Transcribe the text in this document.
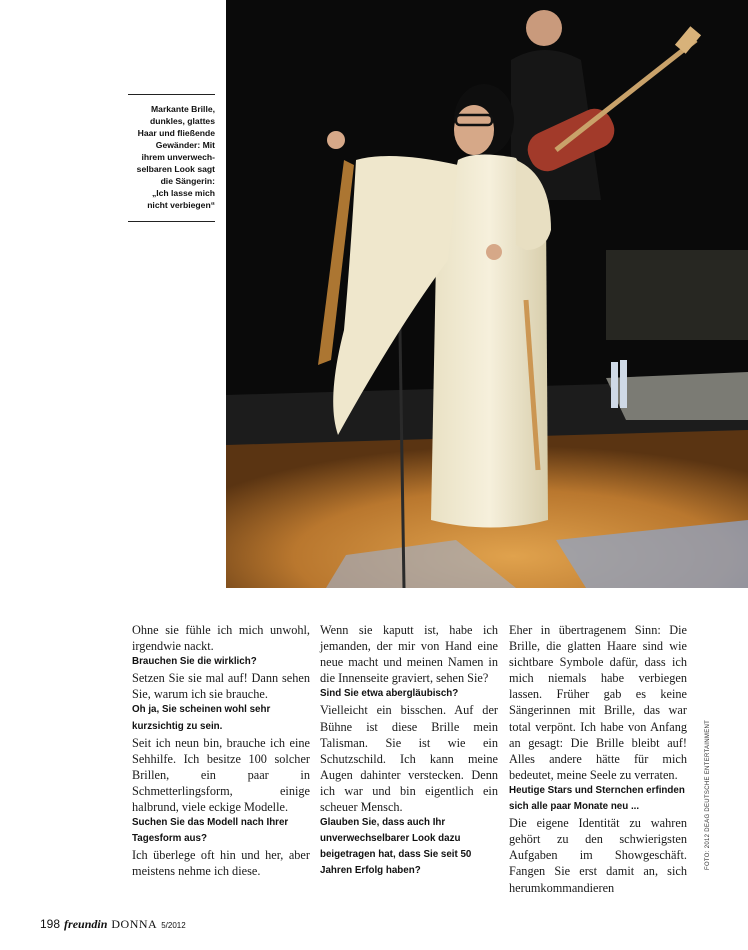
Markante Brille,
dunkles, glattes
Haar und fließende
Gewänder: Mit
ihrem unverwech-
selbaren Look sagt
die Sängerin:
„Ich lasse mich
nicht verbiegen“

Ohne sie fühle ich mich unwohl, irgendwie nackt.

Brauchen Sie die wirklich?

Setzen Sie sie mal auf! Dann sehen Sie, warum ich sie brauche.

Oh ja, Sie scheinen wohl sehr kurzsichtig zu sein.

Seit ich neun bin, brauche ich eine Sehhilfe. Ich besitze 100 solcher Brillen, ein paar in Schmetterlingsform, einige halbrund, viele eckige Modelle.

Suchen Sie das Modell nach Ihrer Tagesform aus?

Ich überlege oft hin und her, aber meistens nehme ich diese.

Wenn sie kaputt ist, habe ich jemanden, der mir von Hand eine neue macht und meinen Namen in die Innenseite graviert, sehen Sie?

Sind Sie etwa abergläubisch?

Vielleicht ein bisschen. Auf der Bühne ist diese Brille mein Talisman. Sie ist wie ein Schutzschild. Ich kann meine Augen dahinter verstecken. Denn ich war und bin eigentlich ein scheuer Mensch.

Glauben Sie, dass auch Ihr unverwechselbarer Look dazu beigetragen hat, dass Sie seit 50 Jahren Erfolg haben?

Eher in übertragenem Sinn: Die Brille, die glatten Haare sind wie sichtbare Symbole dafür, dass ich mich niemals habe verbiegen lassen. Früher gab es keine Sängerinnen mit Brille, das war total verpönt. Ich habe von Anfang an gesagt: Die Brille bleibt auf! Alles andere hätte für mich bedeutet, meine Seele zu verraten.

Heutige Stars und Sternchen erfinden sich alle paar Monate neu ...

Die eigene Identität zu wahren gehört zu den schwierigsten Aufgaben im Showgeschäft. Fangen Sie erst damit an, sich herumkommandieren

FOTO: 2012 DEAG DEUTSCHE ENTERTAINMENT
198 freundin DONNA 5/2012
